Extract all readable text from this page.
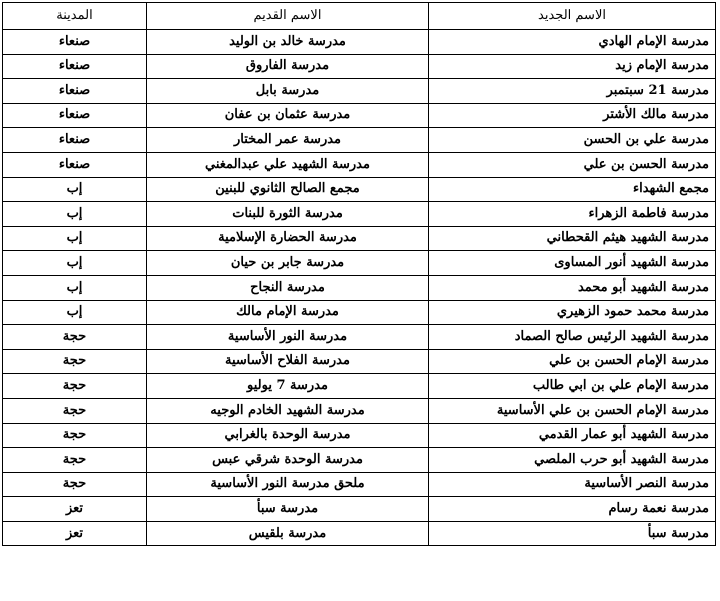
الاسم الجديد	الاسم القديم	المدينة
مدرسة الإمام الهادي	مدرسة خالد بن الوليد	صنعاء
مدرسة الإمام زيد	مدرسة الفاروق	صنعاء
مدرسة 21 سبتمبر	مدرسة بابل	صنعاء
مدرسة مالك الأشتر	مدرسة عثمان بن عفان	صنعاء
مدرسة علي بن الحسن	مدرسة عمر المختار	صنعاء
مدرسة الحسن بن علي	مدرسة الشهيد علي عبدالمغني	صنعاء
مجمع الشهداء	مجمع الصالح الثانوي للبنين	إب
مدرسة فاطمة الزهراء	مدرسة الثورة للبنات	إب
مدرسة الشهيد هيثم القحطاني	مدرسة الحضارة الإسلامية	إب
مدرسة الشهيد أنور المساوى	مدرسة جابر بن حيان	إب
مدرسة الشهيد أبو محمد	مدرسة النجاح	إب
مدرسة محمد حمود الزهيري	مدرسة الإمام مالك	إب
مدرسة الشهيد الرئيس صالح الصماد	مدرسة النور الأساسية	حجة
مدرسة الإمام الحسن بن علي	مدرسة الفلاح الأساسية	حجة
مدرسة الإمام علي بن ابي طالب	مدرسة 7 يوليو	حجة
مدرسة الإمام الحسن بن علي الأساسية	مدرسة الشهيد الخادم الوجيه	حجة
مدرسة الشهيد أبو عمار القدمي	مدرسة الوحدة بالغرابي	حجة
مدرسة الشهيد أبو حرب الملصي	مدرسة الوحدة شرقي عبس	حجة
مدرسة النصر الأساسية	ملحق مدرسة النور الأساسية	حجة
مدرسة نعمة رسام	مدرسة سبأ	تعز
مدرسة سبأ	مدرسة بلقيس	تعز
